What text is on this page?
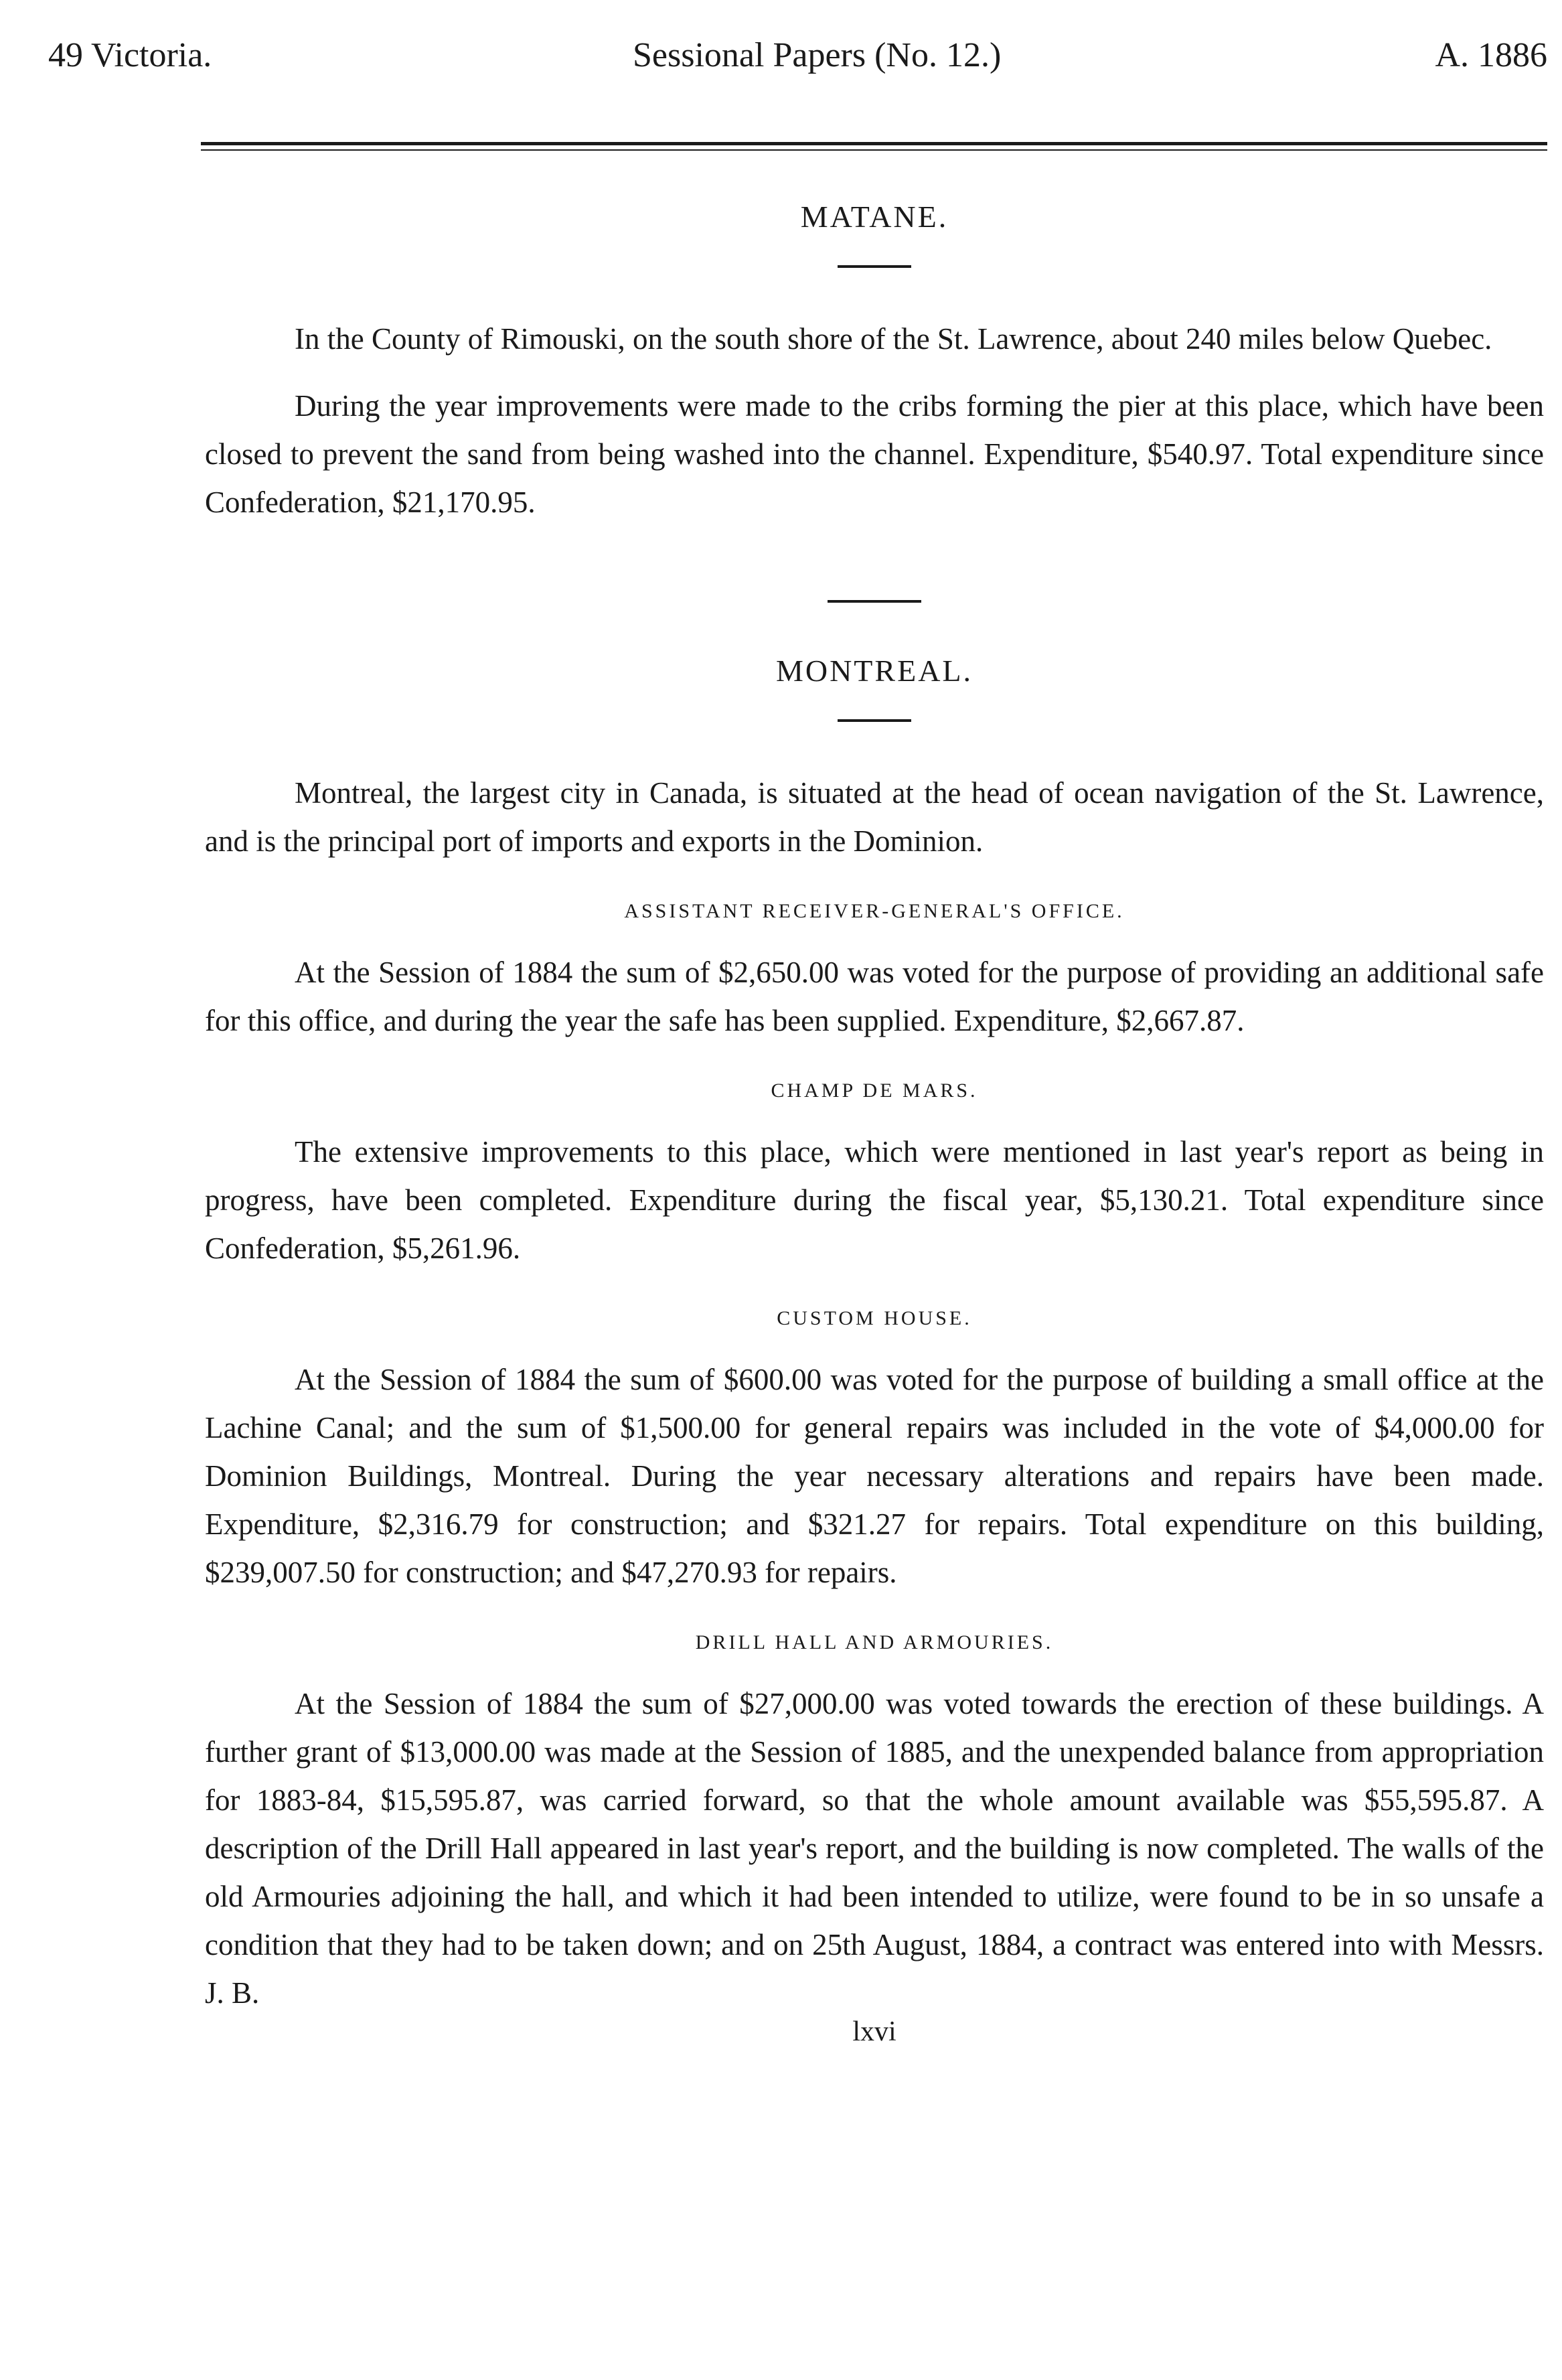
49 Victoria.	Sessional Papers (No. 12.)	A. 1886
MATANE.

In the County of Rimouski, on the south shore of the St. Lawrence, about 240 miles below Quebec.

During the year improvements were made to the cribs forming the pier at this place, which have been closed to prevent the sand from being washed into the channel. Expenditure, $540.97. Total expenditure since Confederation, $21,170.95.

MONTREAL.

Montreal, the largest city in Canada, is situated at the head of ocean navigation of the St. Lawrence, and is the principal port of imports and exports in the Dominion.

ASSISTANT RECEIVER-GENERAL'S OFFICE.

At the Session of 1884 the sum of $2,650.00 was voted for the purpose of providing an additional safe for this office, and during the year the safe has been supplied. Expenditure, $2,667.87.

CHAMP DE MARS.

The extensive improvements to this place, which were mentioned in last year's report as being in progress, have been completed. Expenditure during the fiscal year, $5,130.21. Total expenditure since Confederation, $5,261.96.

CUSTOM HOUSE.

At the Session of 1884 the sum of $600.00 was voted for the purpose of building a small office at the Lachine Canal; and the sum of $1,500.00 for general repairs was included in the vote of $4,000.00 for Dominion Buildings, Montreal. During the year necessary alterations and repairs have been made. Expenditure, $2,316.79 for construction; and $321.27 for repairs. Total expenditure on this building, $239,007.50 for construction; and $47,270.93 for repairs.

DRILL HALL AND ARMOURIES.

At the Session of 1884 the sum of $27,000.00 was voted towards the erection of these buildings. A further grant of $13,000.00 was made at the Session of 1885, and the unexpended balance from appropriation for 1883-84, $15,595.87, was carried forward, so that the whole amount available was $55,595.87. A description of the Drill Hall appeared in last year's report, and the building is now completed. The walls of the old Armouries adjoining the hall, and which it had been intended to utilize, were found to be in so unsafe a condition that they had to be taken down; and on 25th August, 1884, a contract was entered into with Messrs. J. B.

lxvi
